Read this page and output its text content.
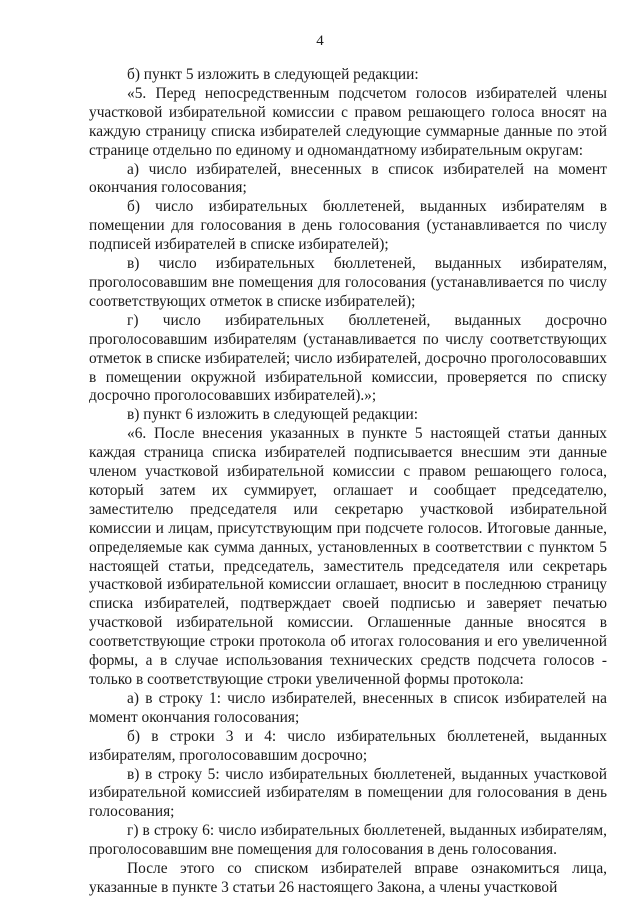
4

б) пункт 5 изложить в следующей редакции:

«5. Перед непосредственным подсчетом голосов избирателей члены участковой избирательной комиссии с правом решающего голоса вносят на каждую страницу списка избирателей следующие суммарные данные по этой странице отдельно по единому и одномандатному избирательным округам:

а) число избирателей, внесенных в список избирателей на момент окончания голосования;

б) число избирательных бюллетеней, выданных избирателям в помещении для голосования в день голосования (устанавливается по числу подписей избирателей в списке избирателей);

в) число избирательных бюллетеней, выданных избирателям, проголосовавшим вне помещения для голосования (устанавливается по числу соответствующих отметок в списке избирателей);

г) число избирательных бюллетеней, выданных досрочно проголосовавшим избирателям (устанавливается по числу соответствующих отметок в списке избирателей; число избирателей, досрочно проголосовавших в помещении окружной избирательной комиссии, проверяется по списку досрочно проголосовавших избирателей).»;

в) пункт 6 изложить в следующей редакции:

«6. После внесения указанных в пункте 5 настоящей статьи данных каждая страница списка избирателей подписывается внесшим эти данные членом участковой избирательной комиссии с правом решающего голоса, который затем их суммирует, оглашает и сообщает председателю, заместителю председателя или секретарю участковой избирательной комиссии и лицам, присутствующим при подсчете голосов. Итоговые данные, определяемые как сумма данных, установленных в соответствии с пунктом 5 настоящей статьи, председатель, заместитель председателя или секретарь участковой избирательной комиссии оглашает, вносит в последнюю страницу списка избирателей, подтверждает своей подписью и заверяет печатью участковой избирательной комиссии. Оглашенные данные вносятся в соответствующие строки протокола об итогах голосования и его увеличенной формы, а в случае использования технических средств подсчета голосов - только в соответствующие строки увеличенной формы протокола:

а) в строку 1: число избирателей, внесенных в список избирателей на момент окончания голосования;

б) в строки 3 и 4: число избирательных бюллетеней, выданных избирателям, проголосовавшим досрочно;

в) в строку 5: число избирательных бюллетеней, выданных участковой избирательной комиссией избирателям в помещении для голосования в день голосования;

г) в строку 6: число избирательных бюллетеней, выданных избирателям, проголосовавшим вне помещения для голосования в день голосования.

После этого со списком избирателей вправе ознакомиться лица, указанные в пункте 3 статьи 26 настоящего Закона, а члены участковой
